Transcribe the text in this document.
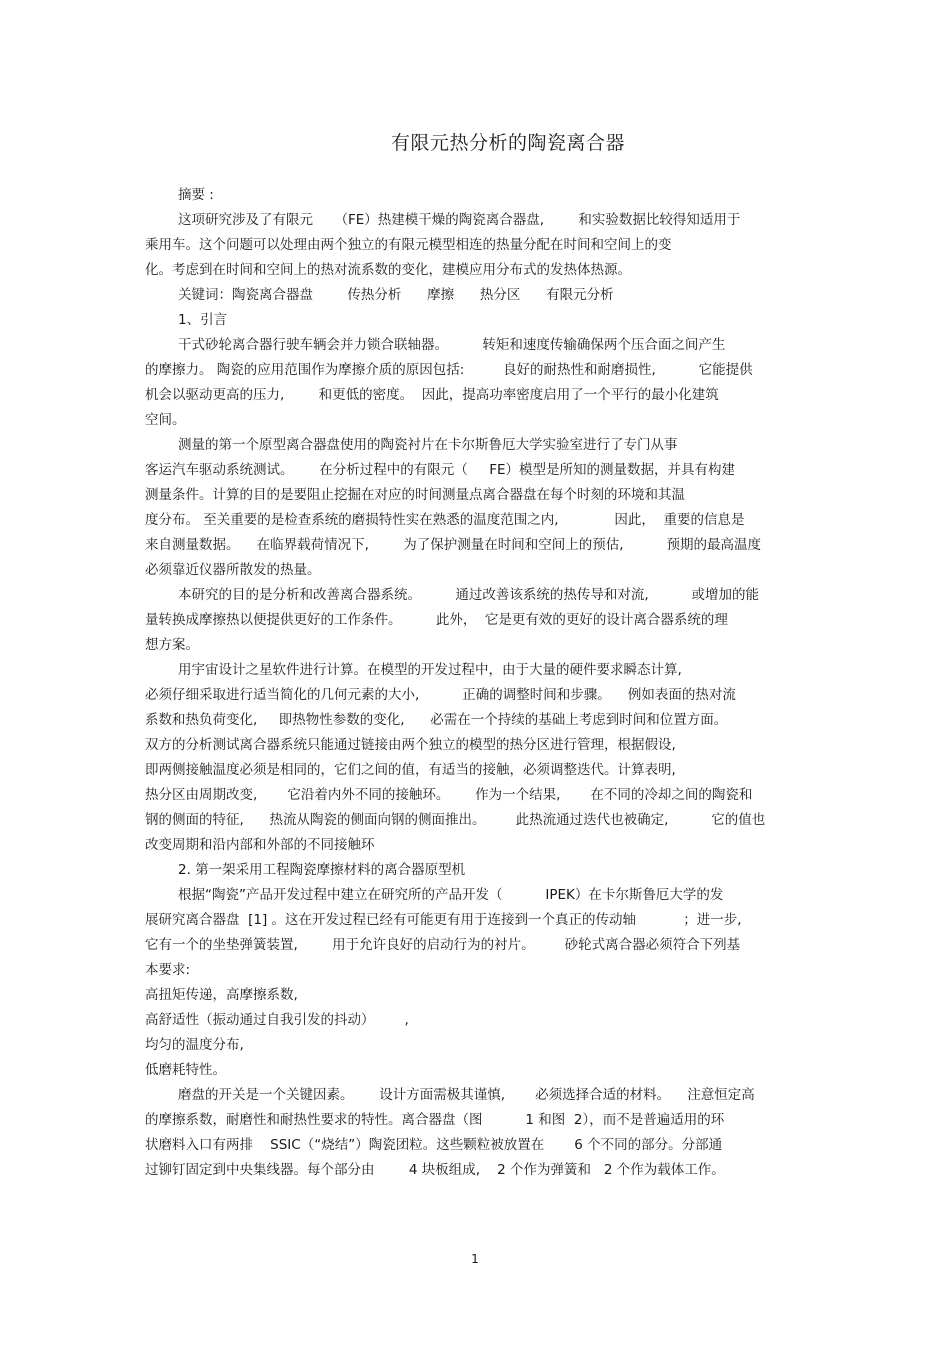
有限元热分析的陶瓷离合器
摘要 :
这项研究涉及了有限元     （FE）热建模干燥的陶瓷离合器盘,        和实验数据比较得知适用于
乘用车。这个问题可以处理由两个独立的有限元模型相连的热量分配在时间和空间上的变
化。考虑到在时间和空间上的热对流系数的变化，建模应用分布式的发热体热源。
关键词：陶瓷离合器盘        传热分析      摩擦      热分区      有限元分析
1、引言
干式砂轮离合器行驶车辆会并力锁合联轴器。        转矩和速度传输确保两个压合面之间产生
的摩擦力。 陶瓷的应用范围作为摩擦介质的原因包括:         良好的耐热性和耐磨损性,          它能提供
机会以驱动更高的压力,        和更低的密度。  因此，提高功率密度启用了一个平行的最小化建筑
空间。
测量的第一个原型离合器盘使用的陶瓷衬片在卡尔斯鲁厄大学实验室进行了专门从事
客运汽车驱动系统测试。      在分析过程中的有限元（     FE）模型是所知的测量数据，并具有构建
测量条件。计算的目的是要阻止挖掘在对应的时间测量点离合器盘在每个时刻的环境和其温
度分布。 至关重要的是检查系统的磨损特性实在熟悉的温度范围之内,             因此，  重要的信息是
来自测量数据。    在临界载荷情况下,        为了保护测量在时间和空间上的预估,          预期的最高温度
必须靠近仪器所散发的热量。
本研究的目的是分析和改善离合器系统。        通过改善该系统的热传导和对流,          或增加的能
量转换成摩擦热以便提供更好的工作条件。        此外，  它是更有效的更好的设计离合器系统的理
想方案。
用宇宙设计之星软件进行计算。在模型的开发过程中，由于大量的硬件要求瞬态计算,
必须仔细采取进行适当简化的几何元素的大小,          正确的调整时间和步骤。    例如表面的热对流
系数和热负荷变化,     即热物性参数的变化,      必需在一个持续的基础上考虑到时间和位置方面。
双方的分析测试离合器系统只能通过链接由两个独立的模型的热分区进行管理，根据假设,
即两侧接触温度必须是相同的，它们之间的值，有适当的接触，必须调整迭代。计算表明,
热分区由周期改变,       它沿着内外不同的接触环。      作为一个结果,       在不同的冷却之间的陶瓷和
钢的侧面的特征,      热流从陶瓷的侧面向钢的侧面推出。       此热流通过迭代也被确定,          它的值也
改变周期和沿内部和外部的不同接触环
2. 第一架采用工程陶瓷摩擦材料的离合器原型机
根据“陶瓷”产品开发过程中建立在研究所的产品开发（          IPEK）在卡尔斯鲁厄大学的发
展研究离合器盘  [1] 。这在开发过程已经有可能更有用于连接到一个真正的传动轴           ；进一步,
它有一个的坐垫弹簧装置,        用于允许良好的启动行为的衬片。       砂轮式离合器必须符合下列基
本要求:
高扭矩传递，高摩擦系数,
高舒适性（振动通过自我引发的抖动）       ,
均匀的温度分布,
低磨耗特性。
磨盘的开关是一个关键因素。      设计方面需极其谨慎,       必须选择合适的材料。    注意恒定高
的摩擦系数，耐磨性和耐热性要求的特性。离合器盘（图          1 和图  2），而不是普遍适用的环
状磨料入口有两排    SSIC（“烧结”）陶瓷团粒。这些颗粒被放置在       6 个不同的部分。分部通
过铆钉固定到中央集线器。每个部分由        4 块板组成,    2 个作为弹簧和   2 个作为载体工作。
1
